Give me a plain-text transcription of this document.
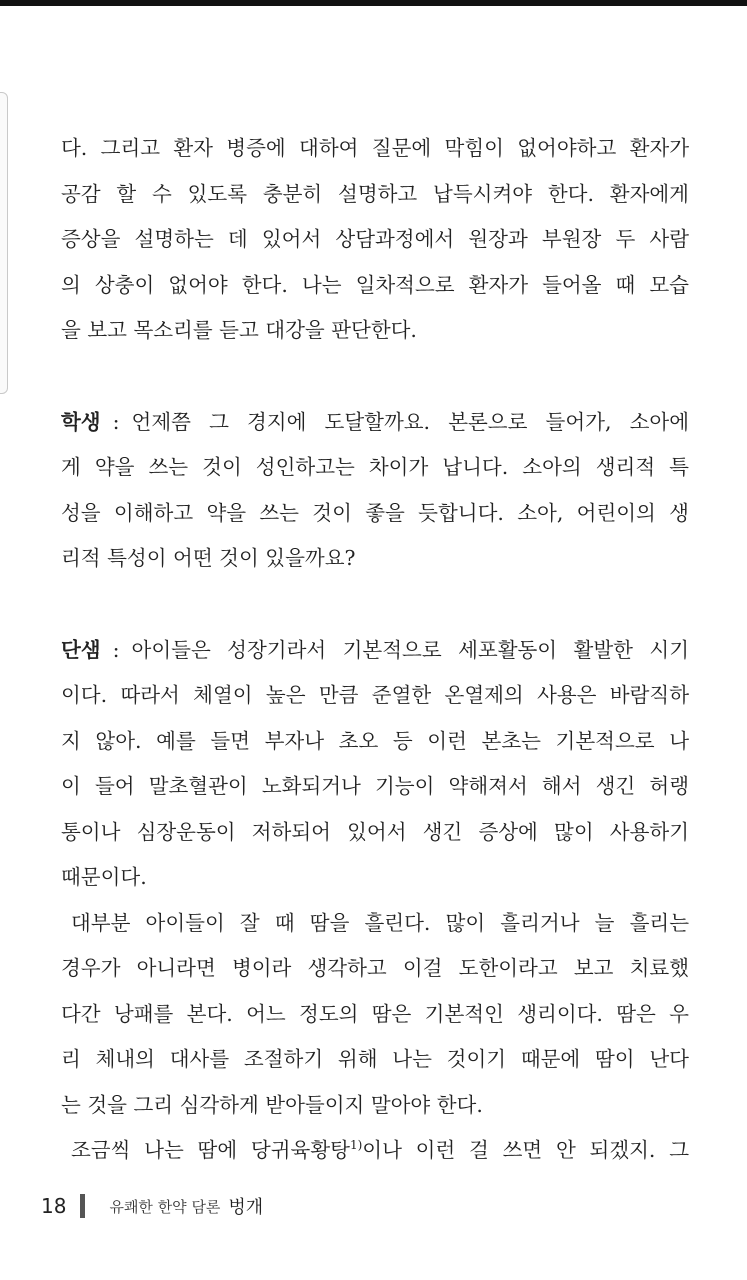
다. 그리고 환자 병증에 대하여 질문에 막힘이 없어야하고 환자가
공감 할 수 있도록 충분히 설명하고 납득시켜야 한다. 환자에게
증상을 설명하는 데 있어서 상담과정에서 원장과 부원장 두 사람
의 상충이 없어야 한다. 나는 일차적으로 환자가 들어올 때 모습
을 보고 목소리를 듣고 대강을 판단한다.

학생 : 언제쯤 그 경지에 도달할까요. 본론으로 들어가, 소아에
게 약을 쓰는 것이 성인하고는 차이가 납니다. 소아의 생리적 특
성을 이해하고 약을 쓰는 것이 좋을 듯합니다. 소아, 어린이의 생
리적 특성이 어떤 것이 있을까요?

단샘 : 아이들은 성장기라서 기본적으로 세포활동이 활발한 시기
이다. 따라서 체열이 높은 만큼 준열한 온열제의 사용은 바람직하
지 않아. 예를 들면 부자나 초오 등 이런 본초는 기본적으로 나
이 들어 말초혈관이 노화되거나 기능이 약해져서 해서 생긴 허랭
통이나 심장운동이 저하되어 있어서 생긴 증상에 많이 사용하기
때문이다.

대부분 아이들이 잘 때 땀을 흘린다. 많이 흘리거나 늘 흘리는
경우가 아니라면 병이라 생각하고 이걸 도한이라고 보고 치료했
다간 낭패를 본다. 어느 정도의 땀은 기본적인 생리이다. 땀은 우
리 체내의 대사를 조절하기 위해 나는 것이기 때문에 땀이 난다
는 것을 그리 심각하게 받아들이지 말아야 한다.

조금씩 나는 땀에 당귀육황탕$^{1)}$이나 이런 걸 쓰면 안 되겠지. 그

18	유쾌한 한약 담론 벙개
